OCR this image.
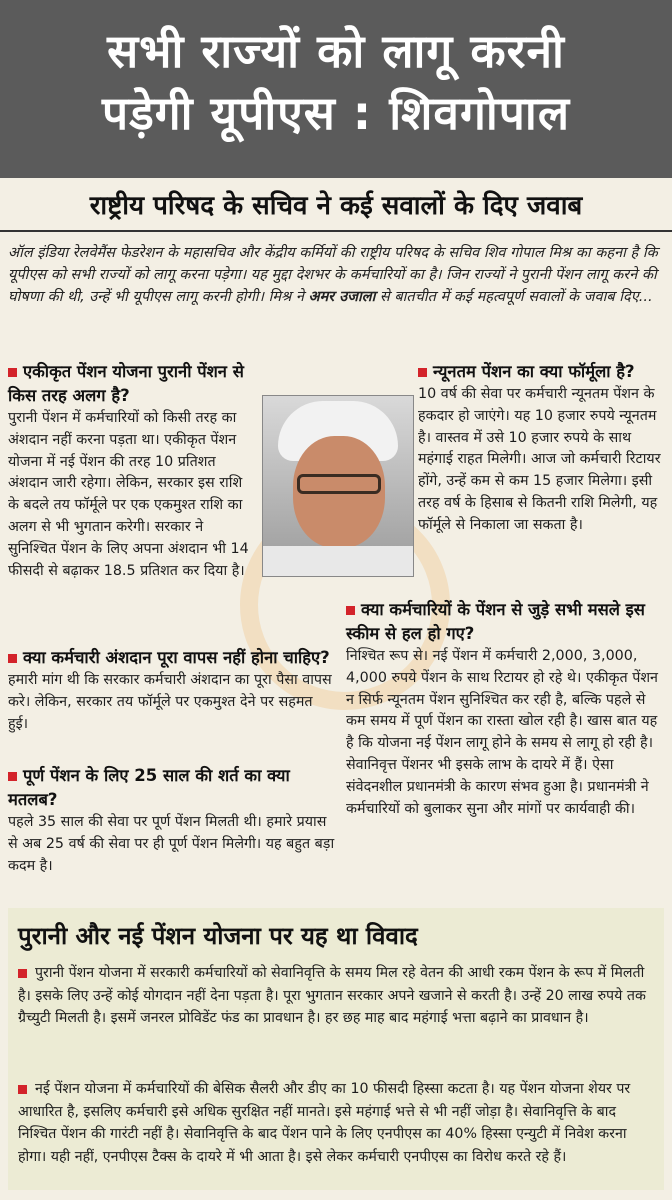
सभी राज्यों को लागू करनी
पड़ेगी यूपीएस : शिवगोपाल
राष्ट्रीय परिषद के सचिव ने कई सवालों के दिए जवाब
ऑल इंडिया रेलवेमैंस फेडरेशन के महासचिव और केंद्रीय कर्मियों की राष्ट्रीय परिषद के सचिव शिव गोपाल मिश्र का कहना है कि यूपीएस को सभी राज्यों को लागू करना पड़ेगा। यह मुद्दा देशभर के कर्मचारियों का है। जिन राज्यों ने पुरानी पेंशन लागू करने की घोषणा की थी, उन्हें भी यूपीएस लागू करनी होगी। मिश्र ने अमर उजाला से बातचीत में कई महत्वपूर्ण सवालों के जवाब दिए...
एकीकृत पेंशन योजना पुरानी पेंशन से किस तरह अलग है?
पुरानी पेंशन में कर्मचारियों को किसी तरह का अंशदान नहीं करना पड़ता था। एकीकृत पेंशन योजना में नई पेंशन की तरह 10 प्रतिशत अंशदान जारी रहेगा। लेकिन, सरकार इस राशि के बदले तय फॉर्मूले पर एक एकमुश्त राशि का अलग से भी भुगतान करेगी। सरकार ने सुनिश्चित पेंशन के लिए अपना अंशदान भी 14 फीसदी से बढ़ाकर 18.5 प्रतिशत कर दिया है।
क्या कर्मचारी अंशदान पूरा वापस नहीं होना चाहिए?
हमारी मांग थी कि सरकार कर्मचारी अंशदान का पूरा पैसा वापस करे। लेकिन, सरकार तय फॉर्मूले पर एकमुश्त देने पर सहमत हुई।
पूर्ण पेंशन के लिए 25 साल की शर्त का क्या मतलब?
पहले 35 साल की सेवा पर पूर्ण पेंशन मिलती थी। हमारे प्रयास से अब 25 वर्ष की सेवा पर ही पूर्ण पेंशन मिलेगी। यह बहुत बड़ा कदम है।
न्यूनतम पेंशन का क्या फॉर्मूला है?
10 वर्ष की सेवा पर कर्मचारी न्यूनतम पेंशन के हकदार हो जाएंगे। यह 10 हजार रुपये न्यूनतम है। वास्तव में उसे 10 हजार रुपये के साथ महंगाई राहत मिलेगी। आज जो कर्मचारी रिटायर होंगे, उन्हें कम से कम 15 हजार मिलेगा। इसी तरह वर्ष के हिसाब से कितनी राशि मिलेगी, यह फॉर्मूले से निकाला जा सकता है।
क्या कर्मचारियों के पेंशन से जुड़े सभी मसले इस स्कीम से हल हो गए?
निश्चित रूप से। नई पेंशन में कर्मचारी 2,000, 3,000, 4,000 रुपये पेंशन के साथ रिटायर हो रहे थे। एकीकृत पेंशन न सिर्फ न्यूनतम पेंशन सुनिश्चित कर रही है, बल्कि पहले से कम समय में पूर्ण पेंशन का रास्ता खोल रही है। खास बात यह है कि योजना नई पेंशन लागू होने के समय से लागू हो रही है। सेवानिवृत्त पेंशनर भी इसके लाभ के दायरे में हैं। ऐसा संवेदनशील प्रधानमंत्री के कारण संभव हुआ है। प्रधानमंत्री ने कर्मचारियों को बुलाकर सुना और मांगों पर कार्यवाही की।
पुरानी और नई पेंशन योजना पर यह था विवाद
पुरानी पेंशन योजना में सरकारी कर्मचारियों को सेवानिवृत्ति के समय मिल रहे वेतन की आधी रकम पेंशन के रूप में मिलती है। इसके लिए उन्हें कोई योगदान नहीं देना पड़ता है। पूरा भुगतान सरकार अपने खजाने से करती है। उन्हें 20 लाख रुपये तक ग्रैच्युटी मिलती है। इसमें जनरल प्रोविडेंट फंड का प्रावधान है। हर छह माह बाद महंगाई भत्ता बढ़ाने का प्रावधान है।
नई पेंशन योजना में कर्मचारियों की बेसिक सैलरी और डीए का 10 फीसदी हिस्सा कटता है। यह पेंशन योजना शेयर पर आधारित है, इसलिए कर्मचारी इसे अधिक सुरक्षित नहीं मानते। इसे महंगाई भत्ते से भी नहीं जोड़ा है। सेवानिवृत्ति के बाद निश्चित पेंशन की गारंटी नहीं है। सेवानिवृत्ति के बाद पेंशन पाने के लिए एनपीएस का 40% हिस्सा एन्युटी में निवेश करना होगा। यही नहीं, एनपीएस टैक्स के दायरे में भी आता है। इसे लेकर कर्मचारी एनपीएस का विरोध करते रहे हैं।
